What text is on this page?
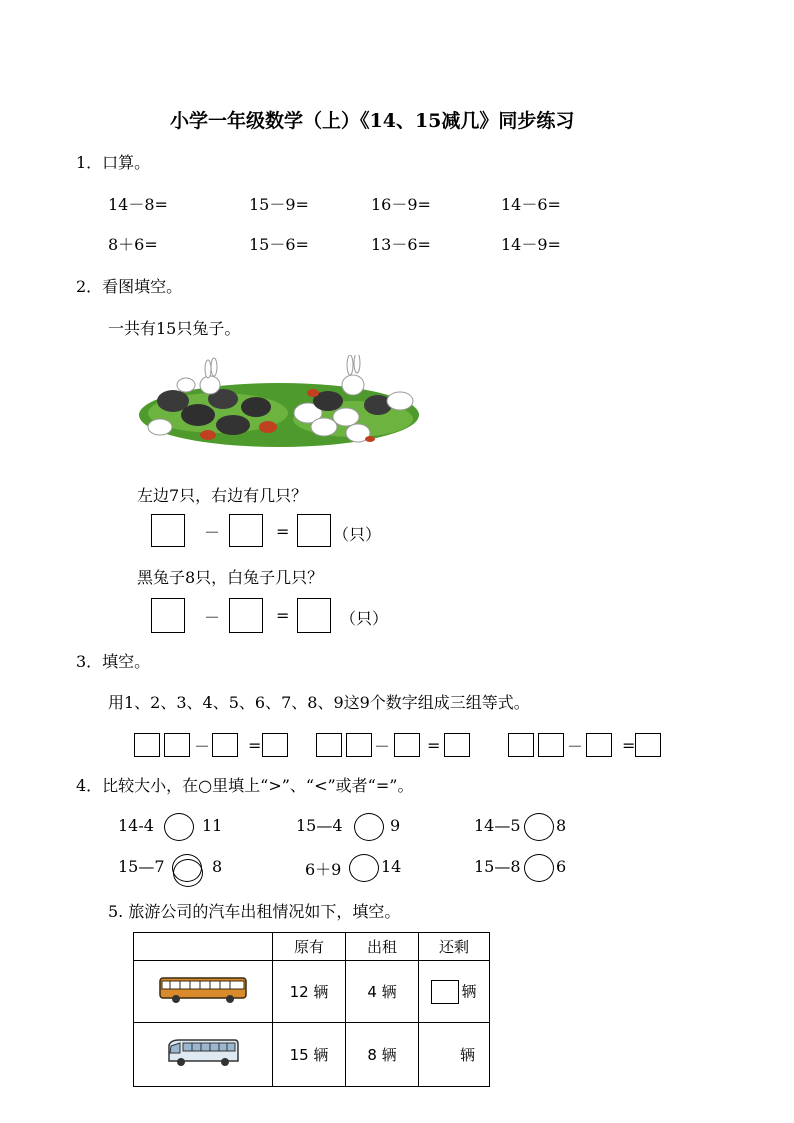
小学一年级数学（上）《14、15减几》同步练习
1．口算。
14－8=	15－9=	16－9=	14－6=
8＋6=	15－6=	13－6=	14－9=
2．看图填空。
一共有15只兔子。
左边7只，右边有几只？
－	=	（只）
黑兔子8只，白兔子几只？
－	=	（只）
3．填空。
用1、2、3、4、5、6、7、8、9这9个数字组成三组等式。
－ =	－ =	－ =
4．比较大小，在○里填上“>”、“<”或者“=”。
14-4	11	15—4	9	14—5 8
15—7	8	6＋9 14	15—8 6
5. 旅游公司的汽车出租情况如下，填空。
	原有	出租	还剩
	12 辆	4 辆	辆
	15 辆	8 辆	辆
